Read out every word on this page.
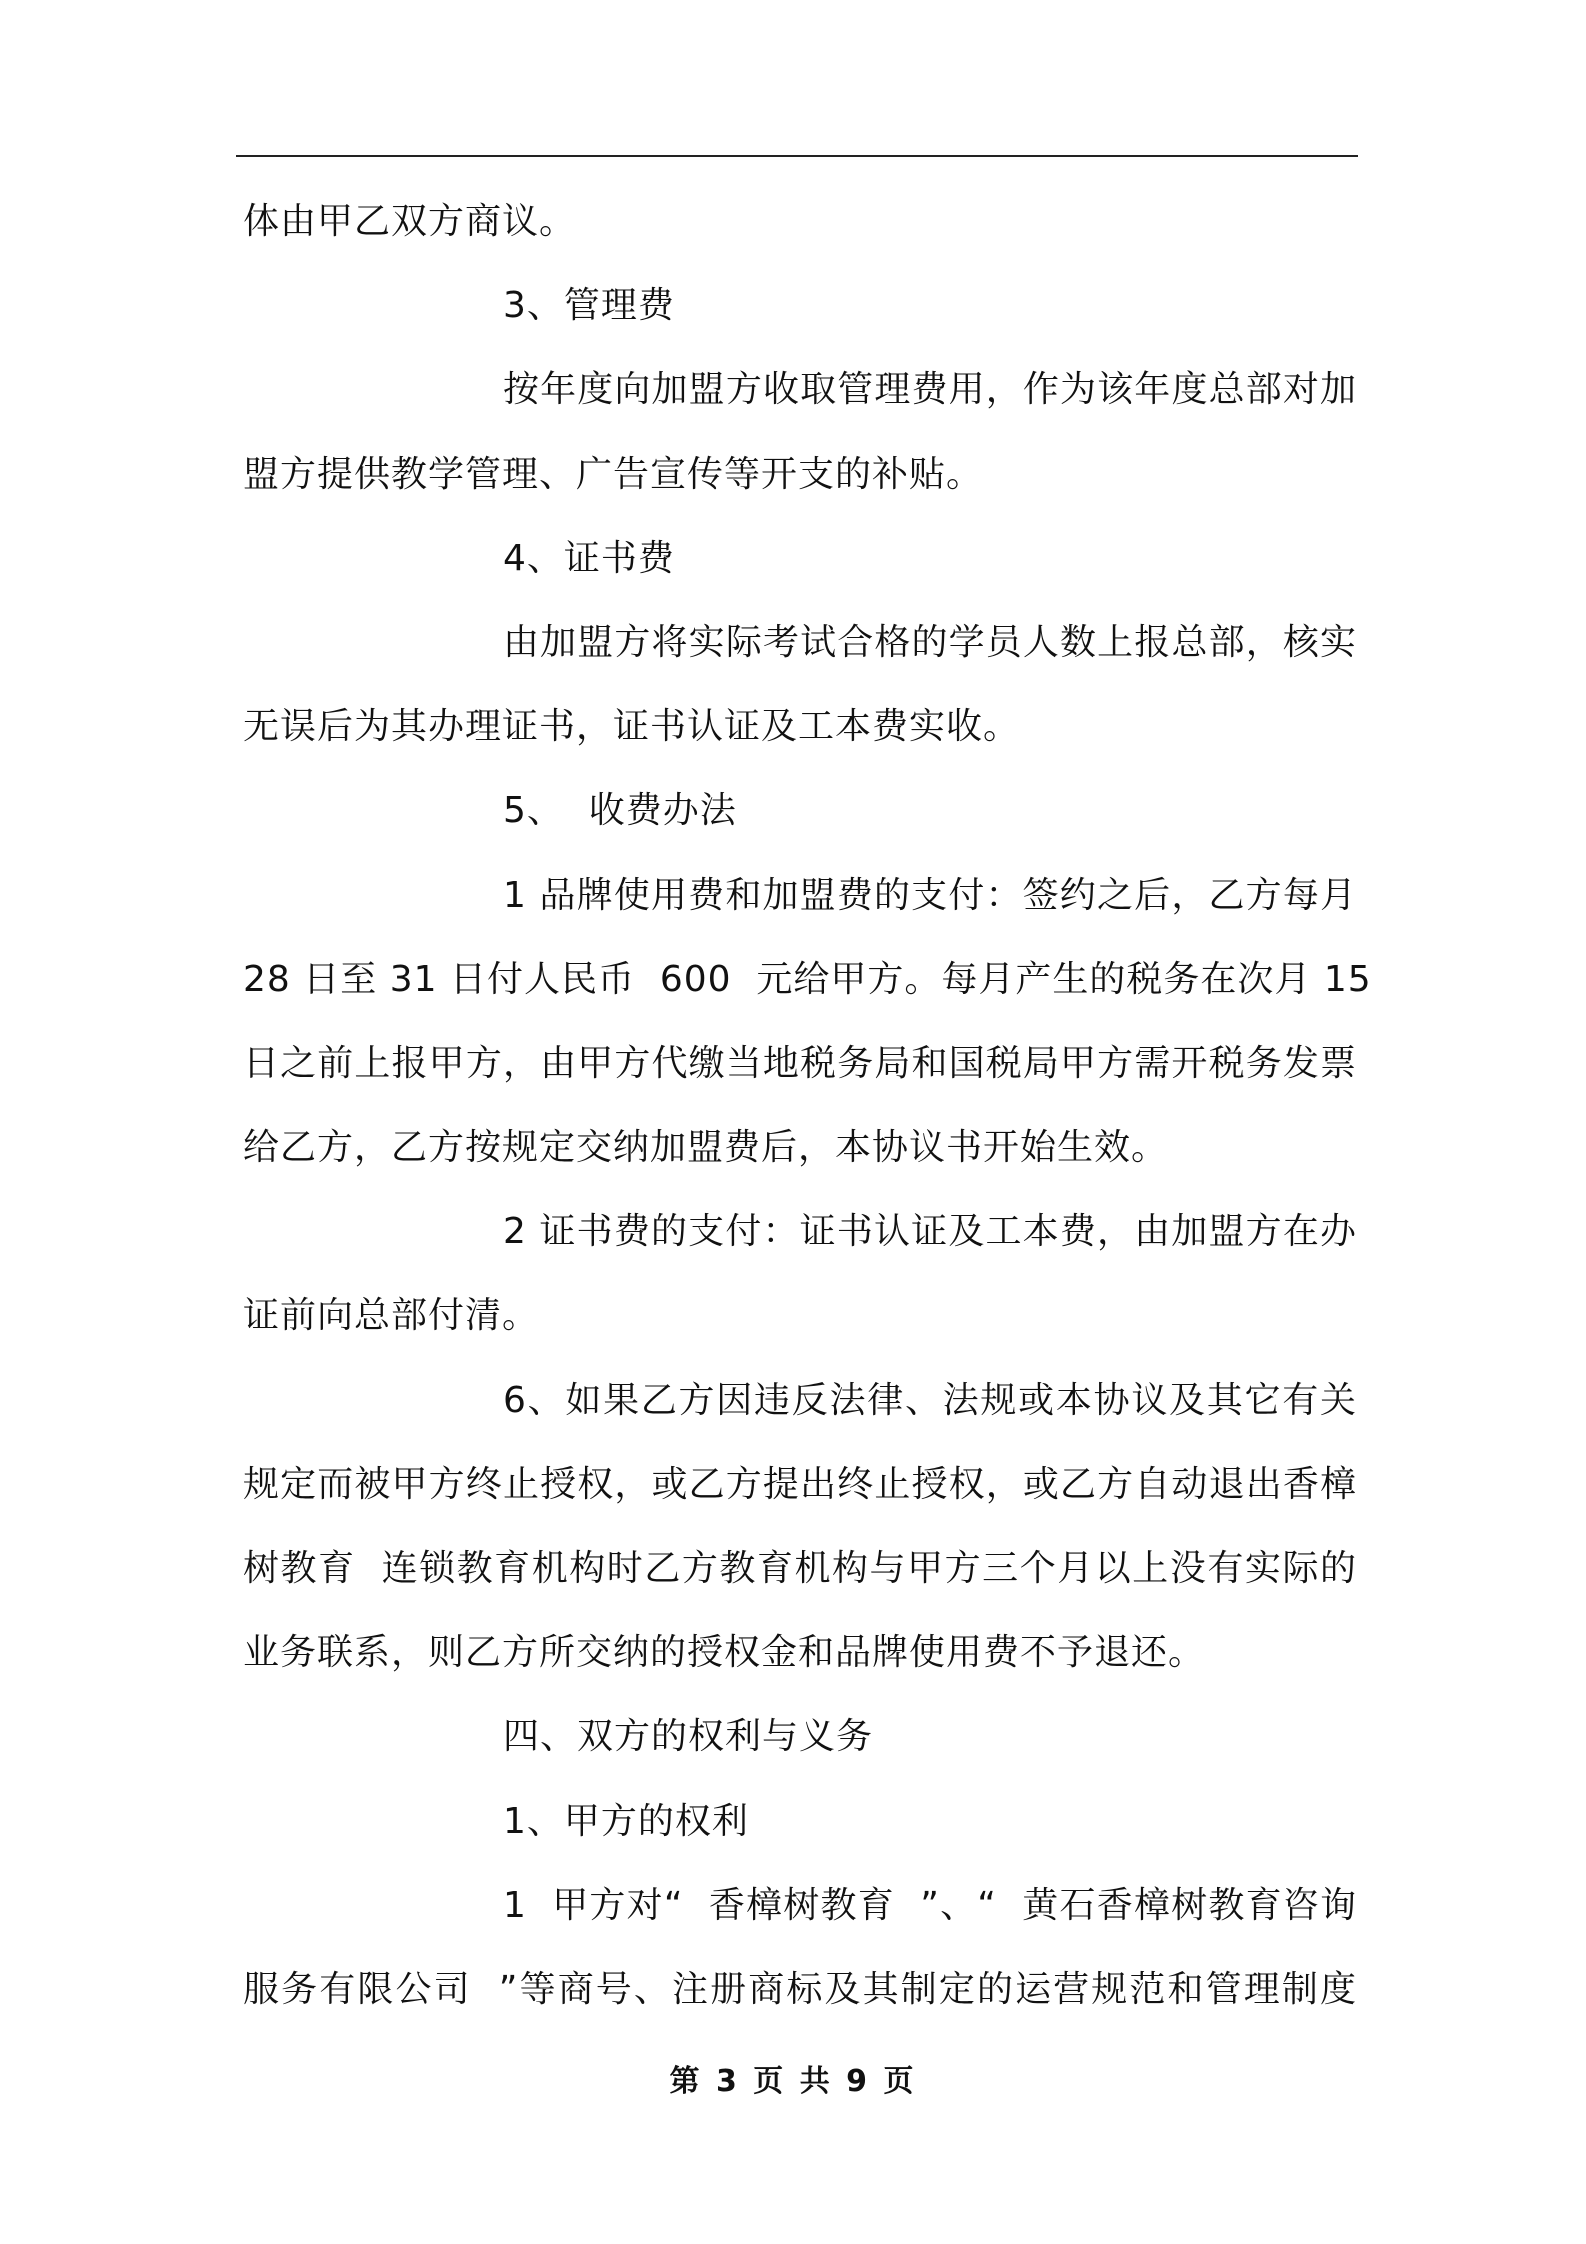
体由甲乙双方商议。
3、管理费
按年度向加盟方收取管理费用，作为该年度总部对加
盟方提供教学管理、广告宣传等开支的补贴。
4、证书费
由加盟方将实际考试合格的学员人数上报总部，核实
无误后为其办理证书，证书认证及工本费实收。
5、  收费办法
1 品牌使用费和加盟费的支付：签约之后，乙方每月
28 日至 31 日付人民币  600  元给甲方。每月产生的税务在次月 15
日之前上报甲方，由甲方代缴当地税务局和国税局甲方需开税务发票
给乙方，乙方按规定交纳加盟费后，本协议书开始生效。
2 证书费的支付：证书认证及工本费，由加盟方在办
证前向总部付清。
6、如果乙方因违反法律、法规或本协议及其它有关
规定而被甲方终止授权，或乙方提出终止授权，或乙方自动退出香樟
树教育  连锁教育机构时乙方教育机构与甲方三个月以上没有实际的
业务联系，则乙方所交纳的授权金和品牌使用费不予退还。
四、双方的权利与义务
1、甲方的权利
1  甲方对“  香樟树教育  ”、“  黄石香樟树教育咨询
服务有限公司  ”等商号、注册商标及其制定的运营规范和管理制度
第 3 页 共 9 页
